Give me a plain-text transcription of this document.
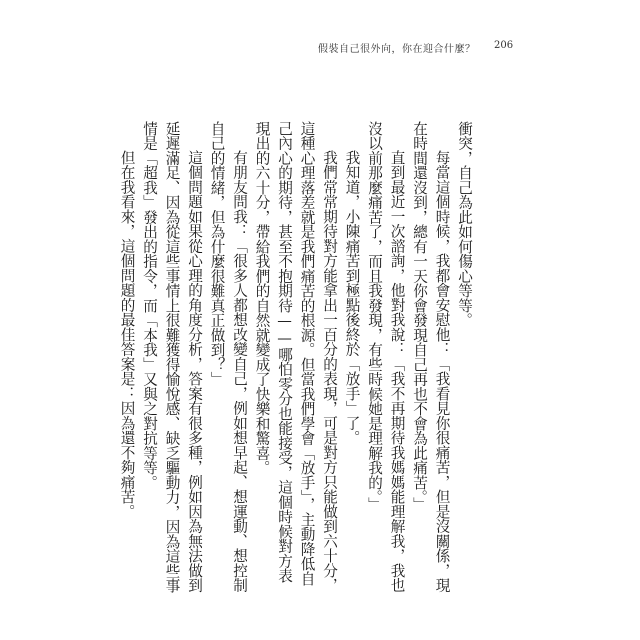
假裝自己很外向，你在迎合什麼？	206

衝突，自己為此如何傷心等等。

每當這個時候，我都會安慰他：「我看見你很痛苦，但是沒關係，現在時間還沒到，總有一天你會發現自己再也不會為此痛苦。」

直到最近一次諮詢，他對我說：「我不再期待我媽媽能理解我，我也沒以前那麼痛苦了，而且我發現，有些時候她是理解我的。」

我知道，小陳痛苦到極點後終於「放手」了。

我們常常期待對方能拿出一百分的表現，可是對方只能做到六十分，這種心理落差就是我們痛苦的根源。但當我們學會「放手」，主動降低自己內心的期待，甚至不抱期待——哪怕零分也能接受，這個時候對方表現出的六十分，帶給我們的自然就變成了快樂和驚喜。

有朋友問我：「很多人都想改變自己，例如想早起、想運動、想控制自己的情緒，但為什麼很難真正做到？」

這個問題如果從心理的角度分析，答案有很多種，例如因為無法做到延遲滿足、因為從這些事情上很難獲得愉悅感、缺乏驅動力，因為這些事情是「超我」發出的指令，而「本我」又與之對抗等等。

但在我看來，這個問題的最佳答案是：因為還不夠痛苦。
